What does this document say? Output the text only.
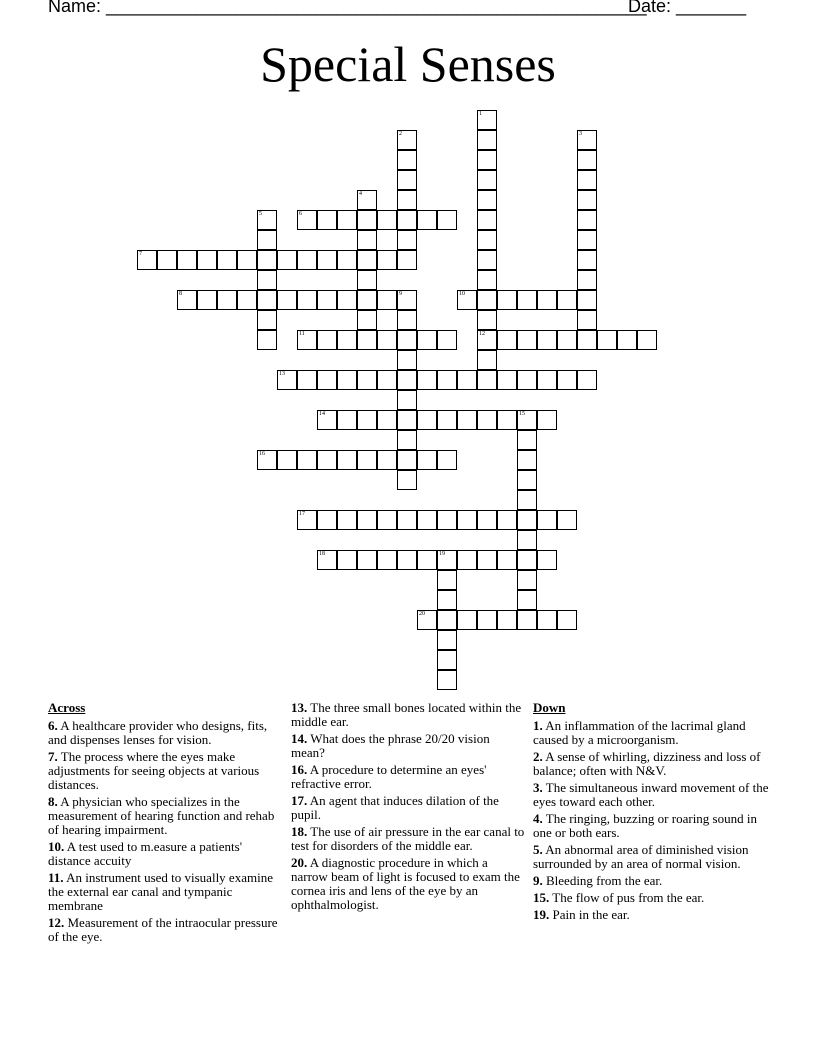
Name: ______________________________________________________
Date: _______
Special Senses
1
12
2	3
4
5	6
7
8	9	10
11
13
14	15
16
17
18	19
20
Across
6. A healthcare provider who designs, fits, and dispenses lenses for vision.
7. The process where the eyes make adjustments for seeing objects at various distances.
8. A physician who specializes in the measurement of hearing function and rehab of hearing impairment.
10. A test used to m.easure a patients' distance accuity
11. An instrument used to visually examine the external ear canal and tympanic membrane
12. Measurement of the intraocular pressure of the eye.
13. The three small bones located within the middle ear.
14. What does the phrase 20/20 vision mean?
16. A procedure to determine an eyes' refractive error.
17. An agent that induces dilation of the pupil.
18. The use of air pressure in the ear canal to test for disorders of the middle ear.
20. A diagnostic procedure in which a narrow beam of light is focused to exam the cornea iris and lens of the eye by an ophthalmologist.
Down
1. An inflammation of the lacrimal gland caused by a microorganism.
2. A sense of whirling, dizziness and loss of balance; often with N&V.
3. The simultaneous inward movement of the eyes toward each other.
4. The ringing, buzzing or roaring sound in one or both ears.
5. An abnormal area of diminished vision surrounded by an area of normal vision.
9. Bleeding from the ear.
15. The flow of pus from the ear.
19. Pain in the ear.
